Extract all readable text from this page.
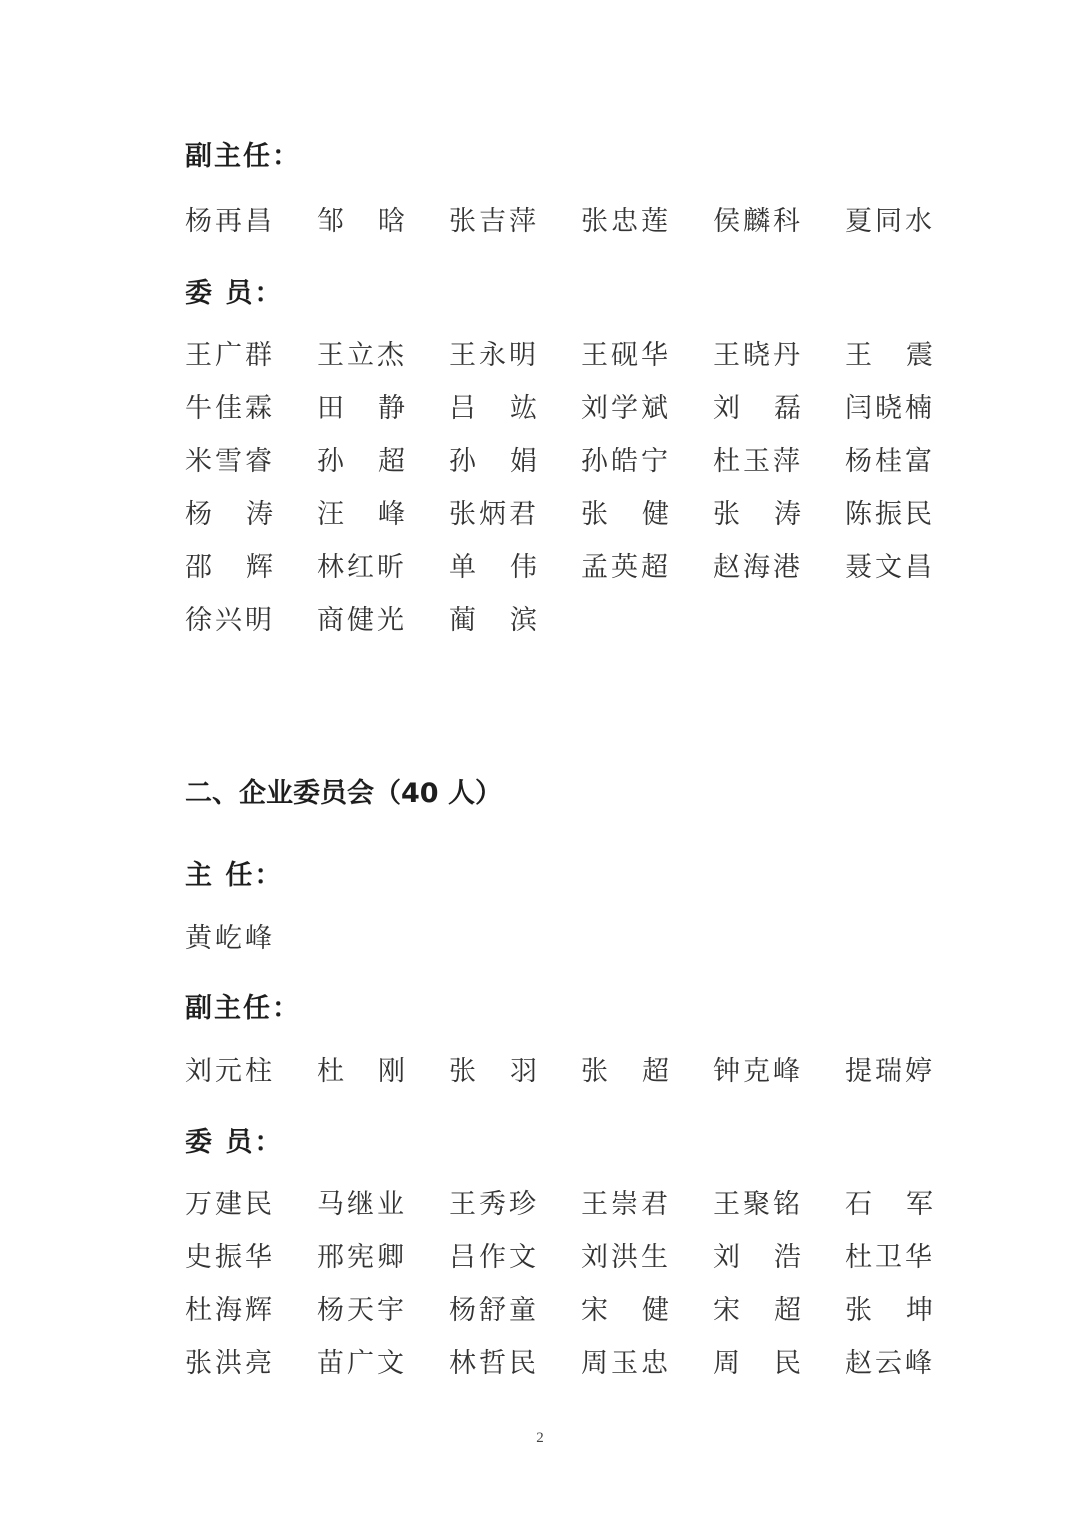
副主任：
杨再昌 邹 晗 张吉萍 张忠莲 侯麟科 夏同水
委 员：
王广群 王立杰 王永明 王砚华 王晓丹 王 震
牛佳霖 田 静 吕 竑 刘学斌 刘 磊 闫晓楠
米雪睿 孙 超 孙 娟 孙皓宁 杜玉萍 杨桂富
杨 涛 汪 峰 张炳君 张 健 张 涛 陈振民
邵 辉 林红昕 单 伟 孟英超 赵海港 聂文昌
徐兴明 商健光 蔺 滨
二、企业委员会（40 人）
主 任：
黄屹峰
副主任：
刘元柱 杜 刚 张 羽 张 超 钟克峰 提瑞婷
委 员：
万建民 马继业 王秀珍 王崇君 王聚铭 石 军
史振华 邢宪卿 吕作文 刘洪生 刘 浩 杜卫华
杜海辉 杨天宇 杨舒童 宋 健 宋 超 张 坤
张洪亮 苗广文 林哲民 周玉忠 周 民 赵云峰
2
